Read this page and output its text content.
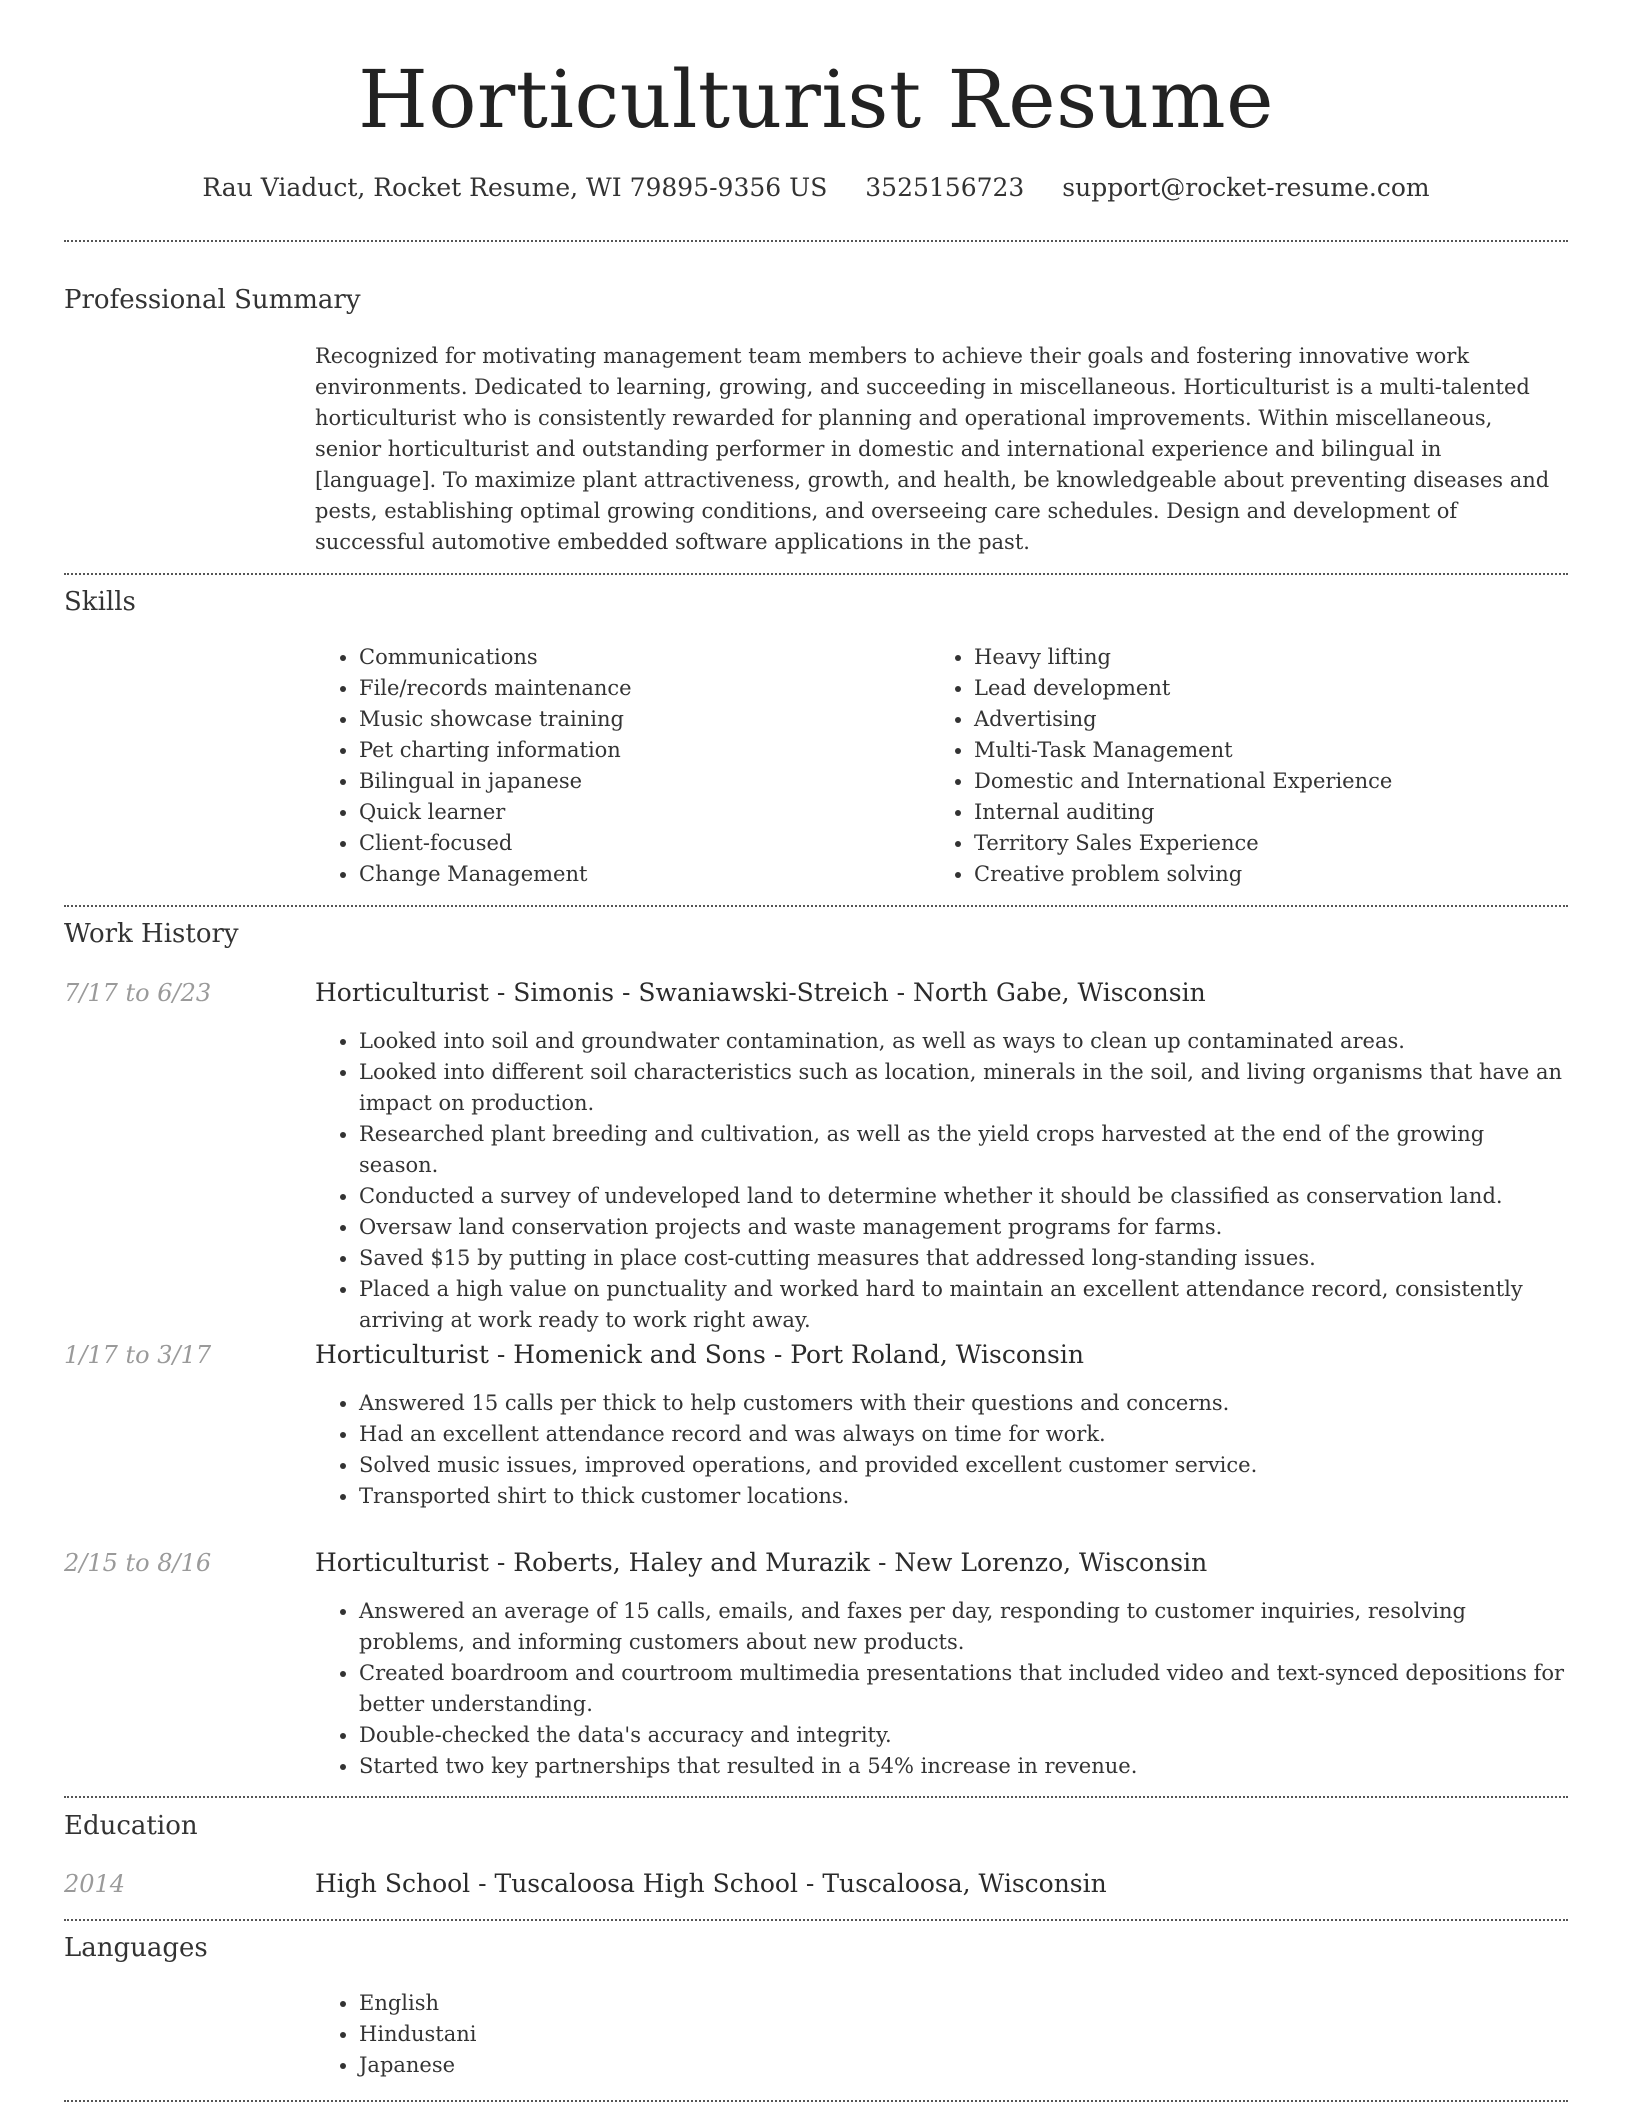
Horticulturist Resume
Rau Viaduct, Rocket Resume, WI 79895-9356 US 3525156723 support@rocket-resume.com
Professional Summary
Recognized for motivating management team members to achieve their goals and fostering innovative work environments. Dedicated to learning, growing, and succeeding in miscellaneous. Horticulturist is a multi-talented horticulturist who is consistently rewarded for planning and operational improvements. Within miscellaneous, senior horticulturist and outstanding performer in domestic and international experience and bilingual in [language]. To maximize plant attractiveness, growth, and health, be knowledgeable about preventing diseases and pests, establishing optimal growing conditions, and overseeing care schedules. Design and development of successful automotive embedded software applications in the past.
Skills
• Communications
• File/records maintenance
• Music showcase training
• Pet charting information
• Bilingual in japanese
• Quick learner
• Client-focused
• Change Management
• Heavy lifting
• Lead development
• Advertising
• Multi-Task Management
• Domestic and International Experience
• Internal auditing
• Territory Sales Experience
• Creative problem solving
Work History
7/17 to 6/23	Horticulturist - Simonis - Swaniawski-Streich - North Gabe, Wisconsin
• Looked into soil and groundwater contamination, as well as ways to clean up contaminated areas.
• Looked into different soil characteristics such as location, minerals in the soil, and living organisms that have an impact on production.
• Researched plant breeding and cultivation, as well as the yield crops harvested at the end of the growing season.
• Conducted a survey of undeveloped land to determine whether it should be classified as conservation land.
• Oversaw land conservation projects and waste management programs for farms.
• Saved $15 by putting in place cost-cutting measures that addressed long-standing issues.
• Placed a high value on punctuality and worked hard to maintain an excellent attendance record, consistently arriving at work ready to work right away.
1/17 to 3/17	Horticulturist - Homenick and Sons - Port Roland, Wisconsin
• Answered 15 calls per thick to help customers with their questions and concerns.
• Had an excellent attendance record and was always on time for work.
• Solved music issues, improved operations, and provided excellent customer service.
• Transported shirt to thick customer locations.
2/15 to 8/16	Horticulturist - Roberts, Haley and Murazik - New Lorenzo, Wisconsin
• Answered an average of 15 calls, emails, and faxes per day, responding to customer inquiries, resolving problems, and informing customers about new products.
• Created boardroom and courtroom multimedia presentations that included video and text-synced depositions for better understanding.
• Double-checked the data's accuracy and integrity.
• Started two key partnerships that resulted in a 54% increase in revenue.
Education
2014	High School - Tuscaloosa High School - Tuscaloosa, Wisconsin
Languages
• English
• Hindustani
• Japanese
